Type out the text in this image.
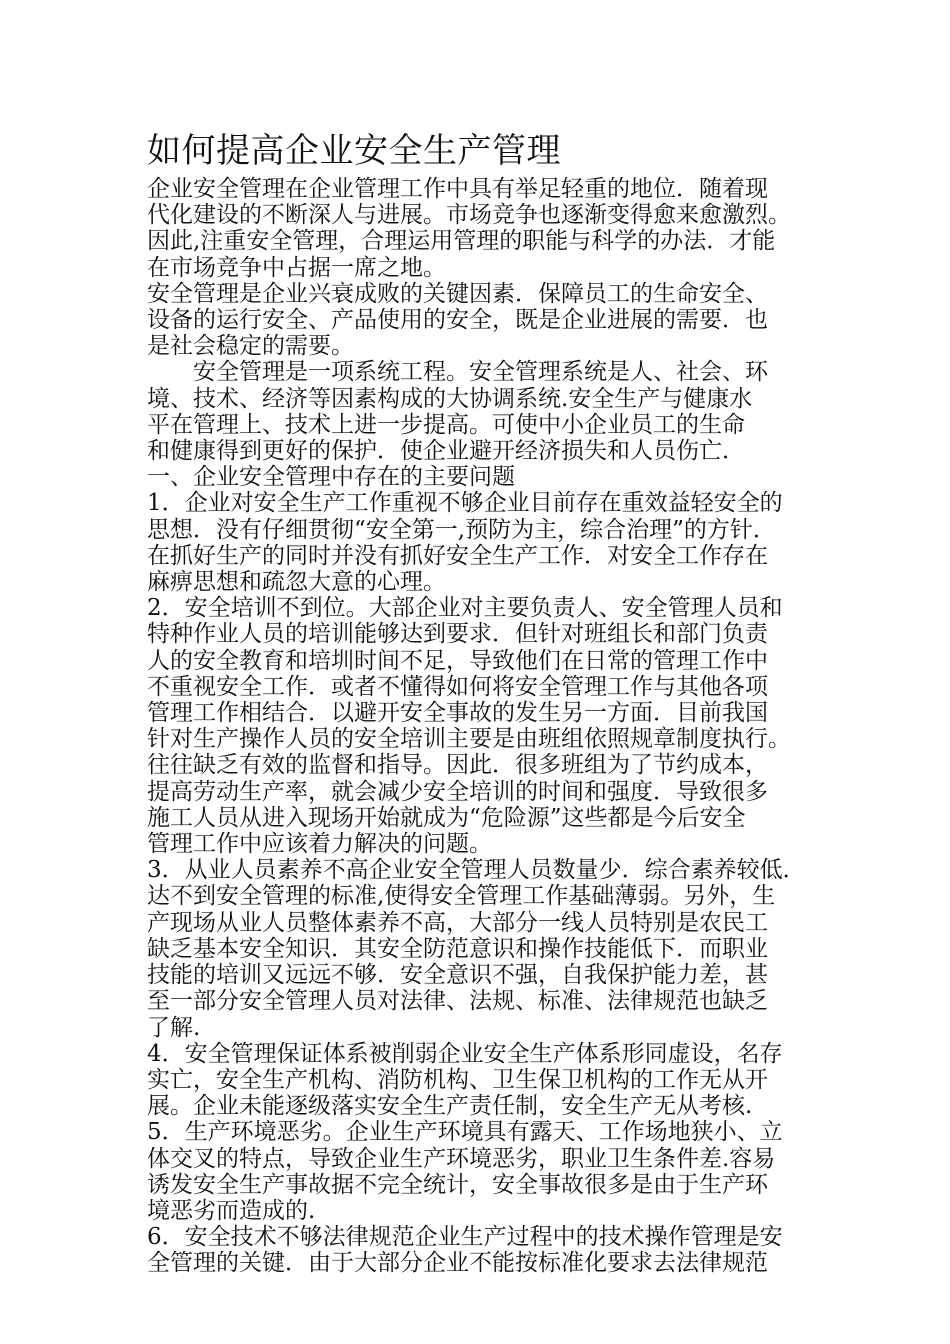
如何提高企业安全生产管理
企业安全管理在企业管理工作中具有举足轻重的地位．随着现
代化建设的不断深人与进展。市场竞争也逐渐变得愈来愈激烈。
因此,注重安全管理，合理运用管理的职能与科学的办法．才能
在市场竞争中占据一席之地。
安全管理是企业兴衰成败的关键因素．保障员工的生命安全、
设备的运行安全、产品使用的安全，既是企业进展的需要．也
是社会稳定的需要。
　　安全管理是一项系统工程。安全管理系统是人、社会、环
境、技术、经济等因素构成的大协调系统.安全生产与健康水
平在管理上、技术上进一步提高。可使中小企业员工的生命
和健康得到更好的保护．使企业避开经济损失和人员伤亡．
一、企业安全管理中存在的主要问题
1．企业对安全生产工作重视不够企业目前存在重效益轻安全的
思想．没有仔细贯彻“安全第一,预防为主，综合治理”的方针．
在抓好生产的同时并没有抓好安全生产工作．对安全工作存在
麻痹思想和疏忽大意的心理。
2．安全培训不到位。大部企业对主要负责人、安全管理人员和
特种作业人员的培训能够达到要求．但针对班组长和部门负责
人的安全教育和培圳时间不足，导致他们在日常的管理工作中
不重视安全工作．或者不懂得如何将安全管理工作与其他各项
管理工作相结合．以避开安全事故的发生另一方面．目前我国
针对生产操作人员的安全培训主要是由班组依照规章制度执行。
往往缺乏有效的监督和指导。因此．很多班组为了节约成本，
提高劳动生产率，就会减少安全培训的时间和强度．导致很多
施工人员从进入现场开始就成为“危险源”这些都是今后安全
管理工作中应该着力解决的问题。
3．从业人员素养不高企业安全管理人员数量少．综合素养较低．
达不到安全管理的标准,使得安全管理工作基础薄弱。另外，生
产现场从业人员整体素养不高，大部分一线人员特别是农民工
缺乏基本安全知识．其安全防范意识和操作技能低下．而职业
技能的培训又远远不够．安全意识不强，自我保护能力差，甚
至一部分安全管理人员对法律、法规、标准、法律规范也缺乏
了解.
4．安全管理保证体系被削弱企业安全生产体系形同虚设，名存
实亡，安全生产机构、消防机构、卫生保卫机构的工作无从开
展。企业未能逐级落实安全生产责任制，安全生产无从考核.
5．生产环境恶劣。企业生产环境具有露天、工作场地狭小、立
体交叉的特点，导致企业生产环境恶劣，职业卫生条件差.容易
诱发安全生产事故据不完全统计，安全事故很多是由于生产环
境恶劣而造成的.
6．安全技术不够法律规范企业生产过程中的技术操作管理是安
全管理的关键．由于大部分企业不能按标准化要求去法律规范
